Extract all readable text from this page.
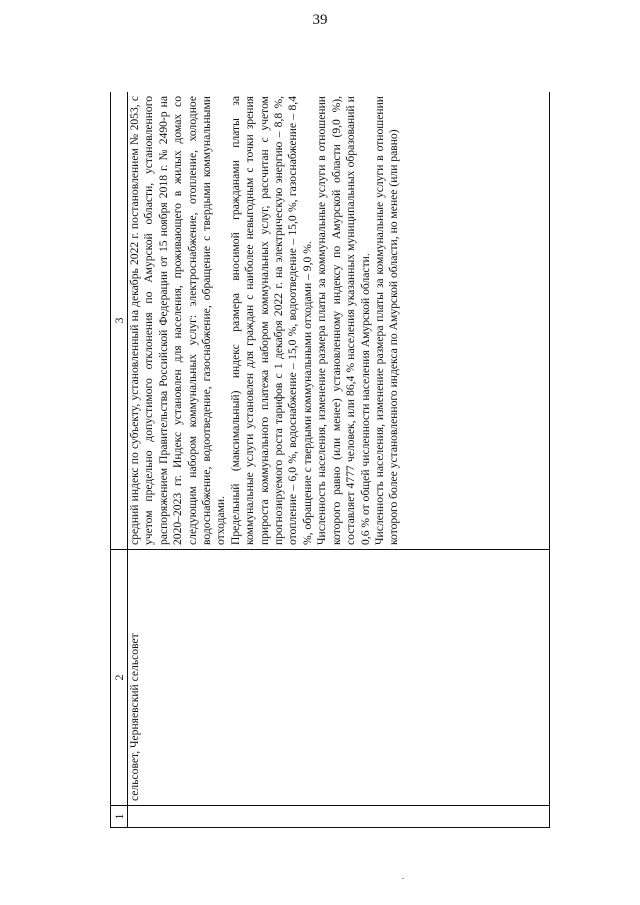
39
1	2	3
	сельсовет, Черняевский сельсовет	средний индекс по субъекту, установленный на декабрь 2022 г. постановлением № 2053, с учетом предельно допустимого отклонения по Амурской области, установленного распоряжением Правительства Российской Федерации от 15 ноября 2018 г. № 2490-р на 2020–2023 гг. Индекс установлен для населения, проживающего в жилых домах со следующим набором коммунальных услуг: электроснабжение, отопление, холодное водоснабжение, водоотведение, газоснабжение, обращение с твердыми коммунальными отходами. Предельный (максимальный) индекс размера вносимой гражданами платы за коммунальные услуги установлен для граждан с наиболее невыгодным с точки зрения прироста коммунального платежа набором коммунальных услуг, рассчитан с учетом прогнозируемого роста тарифов с 1 декабря 2022 г. на электрическую энергию – 8,8 %, отопление – 6,0 %, водоснабжение – 15,0 %, водоотведение – 15,0 %, газоснабжение – 8,4 %, обращение с твердыми коммунальными отходами – 9,0 %. Численность населения, изменение размера платы за коммунальные услуги в отношении которого равно (или менее) установленному индексу по Амурской области (9,0 %), составляет 4777 человек, или 86,4 % населения указанных муниципальных образований и 0,6 % от общей численности населения Амурской области. Численность населения, изменение размера платы за коммунальные услуги в отношении которого более установленного индекса по Амурской области, но менее (или равно)
